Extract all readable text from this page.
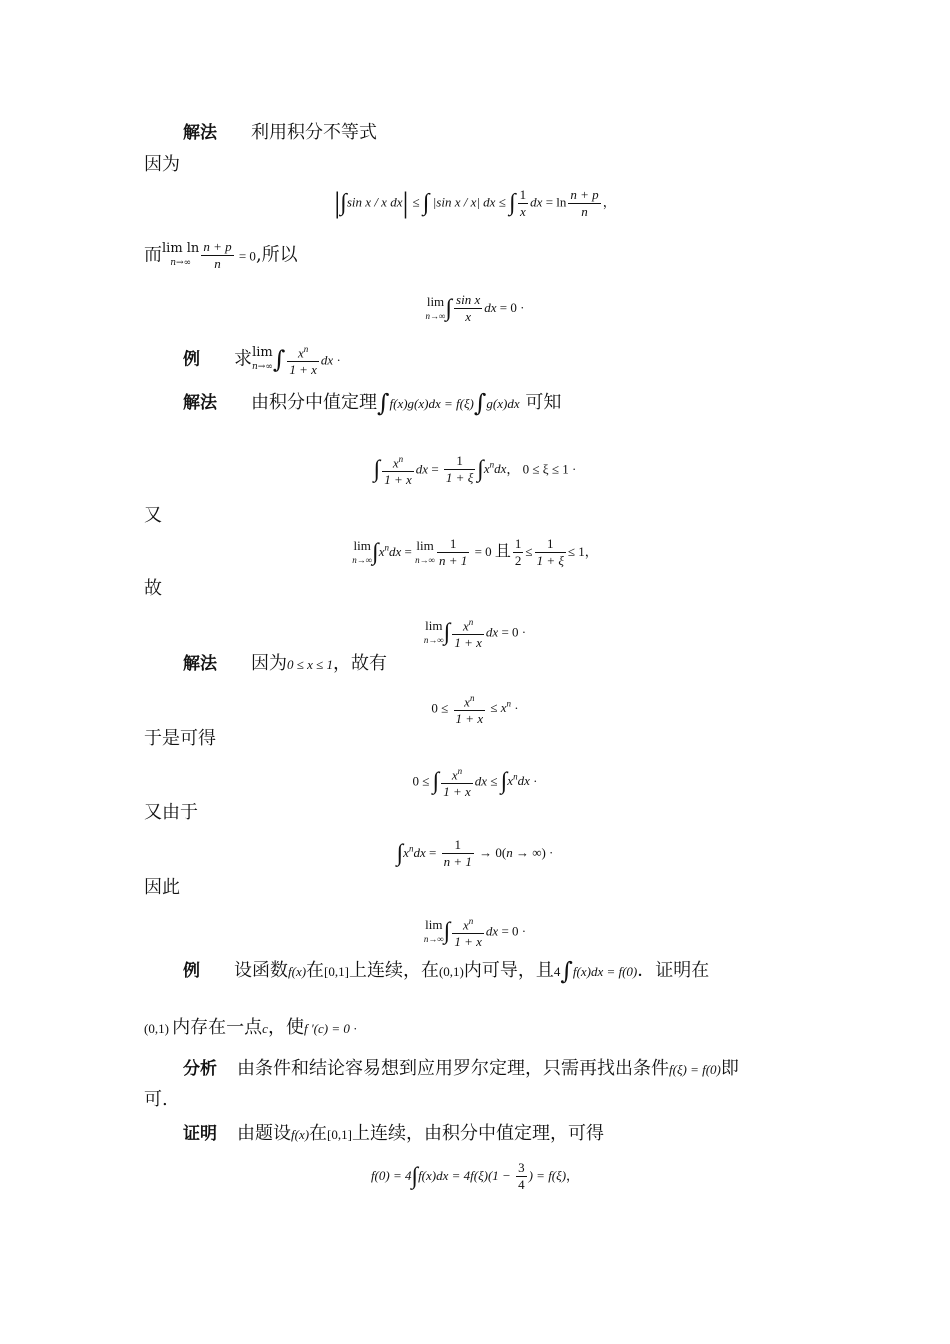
解法 利用积分不等式
因为
|∫sin x / x dx| ≤ ∫ |sin x / x| dx ≤ ∫ $\frac{1}{x}$ dx = $\ln \frac{n + p}{n}$ ，
而 lim ln
$n\to\infty \frac{n + p}{n} = 0$,所以
lim
n→∞ ∫ $\frac{\text{sin x}}{x}$ dx = 0 ·
例 求 lim
n→∞ ∫ $\frac{x^n}{1 + x}$ dx ·
解法 由积分中值定理∫f(x)g(x)dx = f(ξ)∫g(x)dx 可知
∫ $\frac{x^n}{1 + x}$ dx = $\frac{1}{1 + \xi} \int x^ndx$， 0 ≤ ξ ≤ 1 ·
又
lim
n→∞ $\int x^ndx = \lim$
$n\to\infty \frac{1}{n + 1} = 0$ 且 $\frac{1}{2} \le \frac{1}{1 + \xi} \le 1$，
故
lim
n→∞ ∫ $\frac{x^n}{1 + x}$ dx = 0 ·
解法 因为0 ≤ x ≤ 1，故有
$0 \le \frac{x^n}{1 + x} \le x^n$ ·
于是可得
0 ≤ ∫ $\frac{x^n}{1 + x}$ dx ≤ $\int x^ndx$ ·
又由于
$\int x^ndx = \frac{1}{n + 1} \to 0(n$ → ∞) ·
因此
lim
n→∞ ∫ $\frac{x^n}{1 + x}$ dx = 0 ·
例 设函数f(x)在[0,1]上连续，在(0,1)内可导，且4∫f(x)dx = f(0)．证明在
(0,1) 内存在一点c，使f ′(c) = 0 ·
分析 由条件和结论容易想到应用罗尔定理，只需再找出条件f(ξ) = f(0)即
可.
证明 由题设f(x)在[0,1]上连续，由积分中值定理，可得
$f(0) = 4\int f(x)dx = 4f(\xi)(1 - \frac{3}{4}$ ) = f(ξ)，
